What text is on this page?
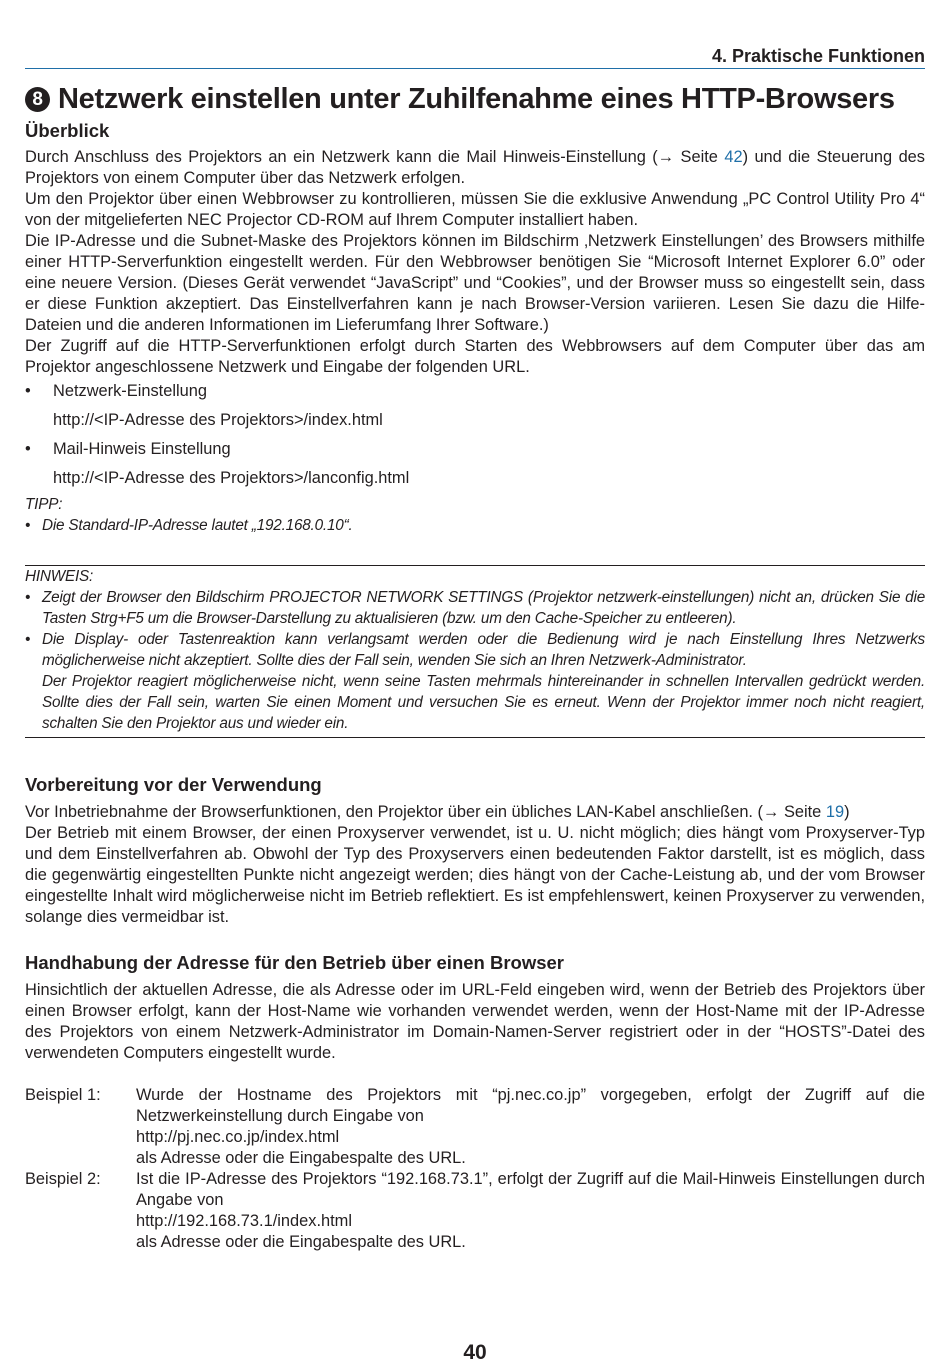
4. Praktische Funktionen
8 Netzwerk einstellen unter Zuhilfenahme eines HTTP-Browsers
Überblick

Durch Anschluss des Projektors an ein Netzwerk kann die Mail Hinweis-Einstellung (→ Seite 42) und die Steuerung des Projektors von einem Computer über das Netzwerk erfolgen.

Um den Projektor über einen Webbrowser zu kontrollieren, müssen Sie die exklusive Anwendung „PC Control Utility Pro 4“ von der mitgelieferten NEC Projector CD-ROM auf Ihrem Computer installiert haben.

Die IP-Adresse und die Subnet-Maske des Projektors können im Bildschirm ‚Netzwerk Einstellungen’ des Browsers mithilfe einer HTTP-Serverfunktion eingestellt werden. Für den Webbrowser benötigen Sie “Microsoft Internet Explorer 6.0” oder eine neuere Version. (Dieses Gerät verwendet “JavaScript” und “Cookies”, und der Browser muss so eingestellt sein, dass er diese Funktion akzeptiert. Das Einstellverfahren kann je nach Browser-Version variieren. Lesen Sie dazu die Hilfe-Dateien und die anderen Informationen im Lieferumfang Ihrer Software.)

Der Zugriff auf die HTTP-Serverfunktionen erfolgt durch Starten des Webbrowsers auf dem Computer über das am Projektor angeschlossene Netzwerk und Eingabe der folgenden URL.

• Netzwerk-Einstellung
http://<IP-Adresse des Projektors>/index.html
• Mail-Hinweis Einstellung
http://<IP-Adresse des Projektors>/lanconfig.html
TIPP:
• Die Standard-IP-Adresse lautet „192.168.0.10“.
HINWEIS:
• Zeigt der Browser den Bildschirm PROJECTOR NETWORK SETTINGS (Projektor netzwerk-einstellungen) nicht an, drücken Sie die Tasten Strg+F5 um die Browser-Darstellung zu aktualisieren (bzw. um den Cache-Speicher zu entleeren).
• Die Display- oder Tastenreaktion kann verlangsamt werden oder die Bedienung wird je nach Einstellung Ihres Netzwerks möglicherweise nicht akzeptiert. Sollte dies der Fall sein, wenden Sie sich an Ihren Netzwerk-Administrator.
Der Projektor reagiert möglicherweise nicht, wenn seine Tasten mehrmals hintereinander in schnellen Intervallen gedrückt werden. Sollte dies der Fall sein, warten Sie einen Moment und versuchen Sie es erneut. Wenn der Projektor immer noch nicht reagiert, schalten Sie den Projektor aus und wieder ein.
Vorbereitung vor der Verwendung

Vor Inbetriebnahme der Browserfunktionen, den Projektor über ein übliches LAN-Kabel anschließen. (→ Seite 19)

Der Betrieb mit einem Browser, der einen Proxyserver verwendet, ist u. U. nicht möglich; dies hängt vom Proxyserver-Typ und dem Einstellverfahren ab. Obwohl der Typ des Proxyservers einen bedeutenden Faktor darstellt, ist es möglich, dass die gegenwärtig eingestellten Punkte nicht angezeigt werden; dies hängt von der Cache-Leistung ab, und der vom Browser eingestellte Inhalt wird möglicherweise nicht im Betrieb reflektiert. Es ist empfehlenswert, keinen Proxyserver zu verwenden, solange dies vermeidbar ist.

Handhabung der Adresse für den Betrieb über einen Browser

Hinsichtlich der aktuellen Adresse, die als Adresse oder im URL-Feld eingeben wird, wenn der Betrieb des Projektors über einen Browser erfolgt, kann der Host-Name wie vorhanden verwendet werden, wenn der Host-Name mit der IP-Adresse des Projektors von einem Netzwerk-Administrator im Domain-Namen-Server registriert oder in der “HOSTS”-Datei des verwendeten Computers eingestellt wurde.

Beispiel 1: Wurde der Hostname des Projektors mit “pj.nec.co.jp” vorgegeben, erfolgt der Zugriff auf die Netzwerkeinstellung durch Eingabe von
http://pj.nec.co.jp/index.html
als Adresse oder die Eingabespalte des URL.
Beispiel 2: Ist die IP-Adresse des Projektors “192.168.73.1”, erfolgt der Zugriff auf die Mail-Hinweis Einstellungen durch Angabe von
http://192.168.73.1/index.html
als Adresse oder die Eingabespalte des URL.
40
